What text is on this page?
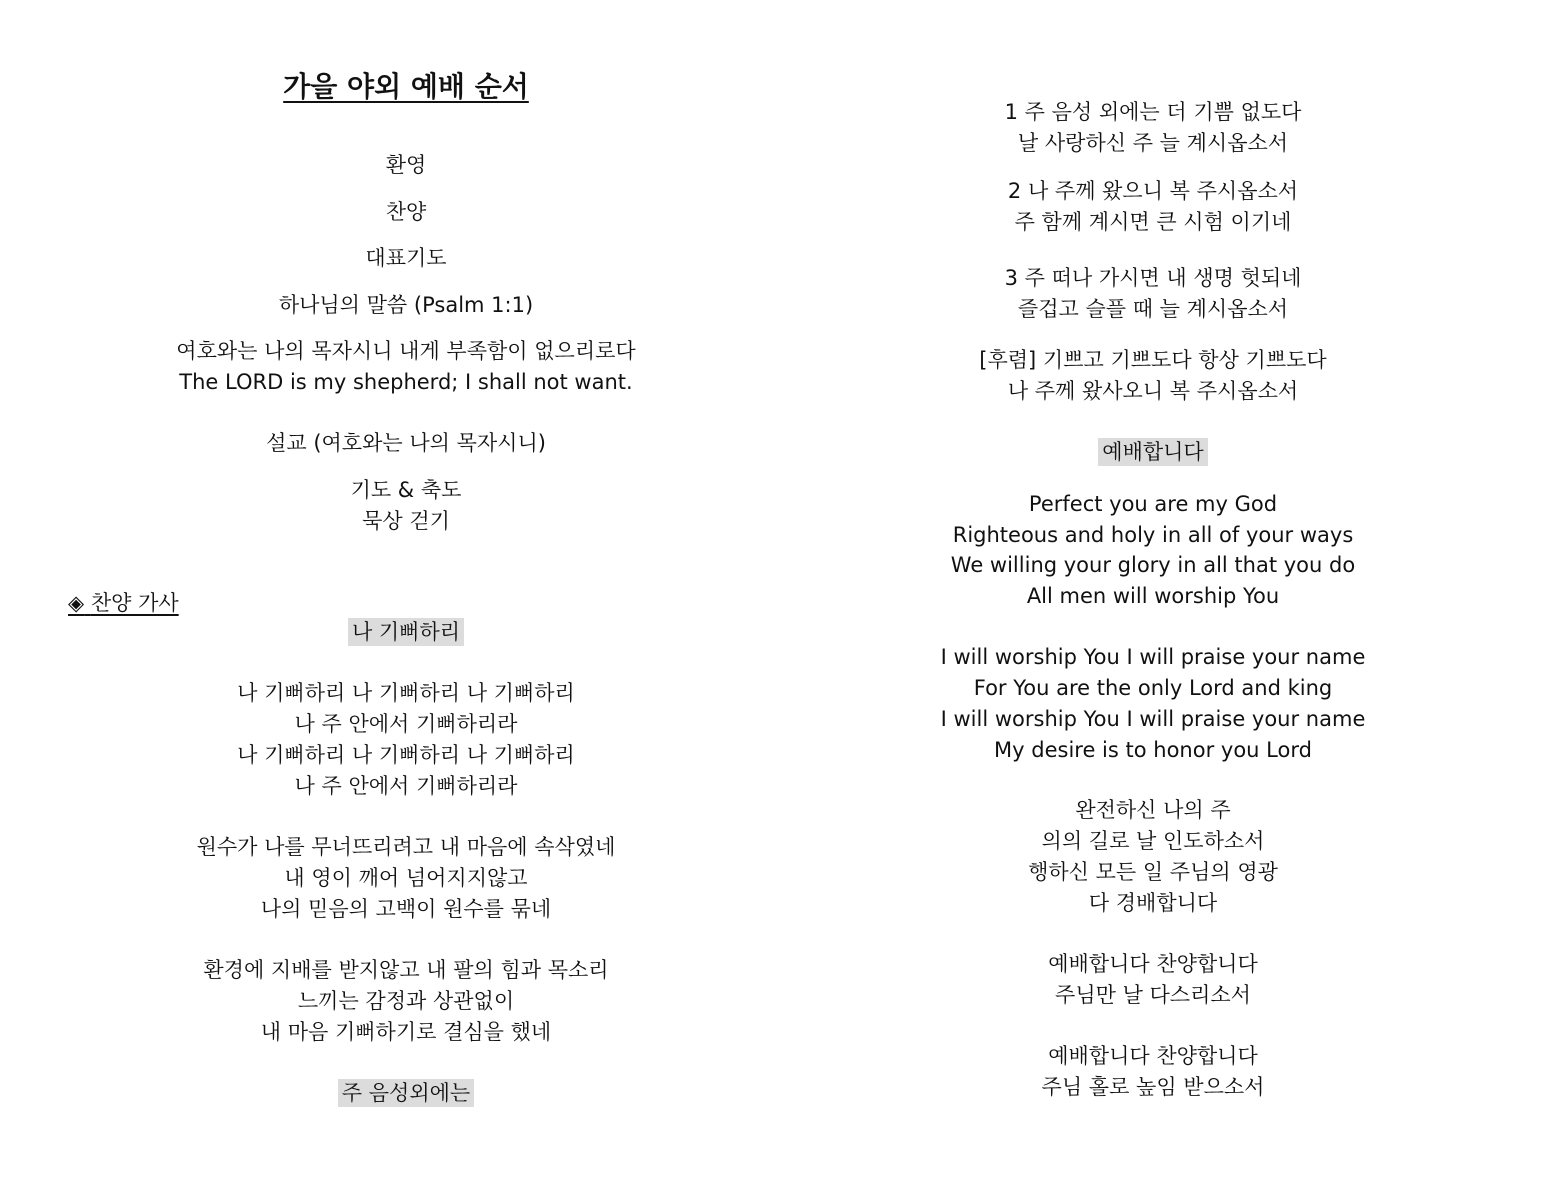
가을 야외 예배 순서
환영
찬양
대표기도
하나님의 말씀 (Psalm 1:1)
여호와는 나의 목자시니 내게 부족함이 없으리로다
The LORD is my shepherd; I shall not want.
설교 (여호와는 나의 목자시니)
기도 & 축도
묵상 걷기
◈ 찬양 가사
나 기뻐하리
나 기뻐하리 나 기뻐하리 나 기뻐하리
나 주 안에서 기뻐하리라
나 기뻐하리 나 기뻐하리 나 기뻐하리
나 주 안에서 기뻐하리라
원수가 나를 무너뜨리려고 내 마음에 속삭였네
내 영이 깨어 넘어지지않고
나의 믿음의 고백이 원수를 묶네
환경에 지배를 받지않고 내 팔의 힘과 목소리
느끼는 감정과 상관없이
내 마음 기뻐하기로 결심을 했네
주 음성외에는
1 주 음성 외에는 더 기쁨 없도다
날 사랑하신 주 늘 계시옵소서
2 나 주께 왔으니 복 주시옵소서
주 함께 계시면 큰 시험 이기네
3 주 떠나 가시면 내 생명 헛되네
즐겁고 슬플 때 늘 계시옵소서
[후렴] 기쁘고 기쁘도다 항상 기쁘도다
나 주께 왔사오니 복 주시옵소서
예배합니다
Perfect you are my God
Righteous and holy in all of your ways
We willing your glory in all that you do
All men will worship You
I will worship You I will praise your name
For You are the only Lord and king
I will worship You I will praise your name
My desire is to honor you Lord
완전하신 나의 주
의의 길로 날 인도하소서
행하신 모든 일 주님의 영광
다 경배합니다
예배합니다 찬양합니다
주님만 날 다스리소서
예배합니다 찬양합니다
주님 홀로 높임 받으소서
